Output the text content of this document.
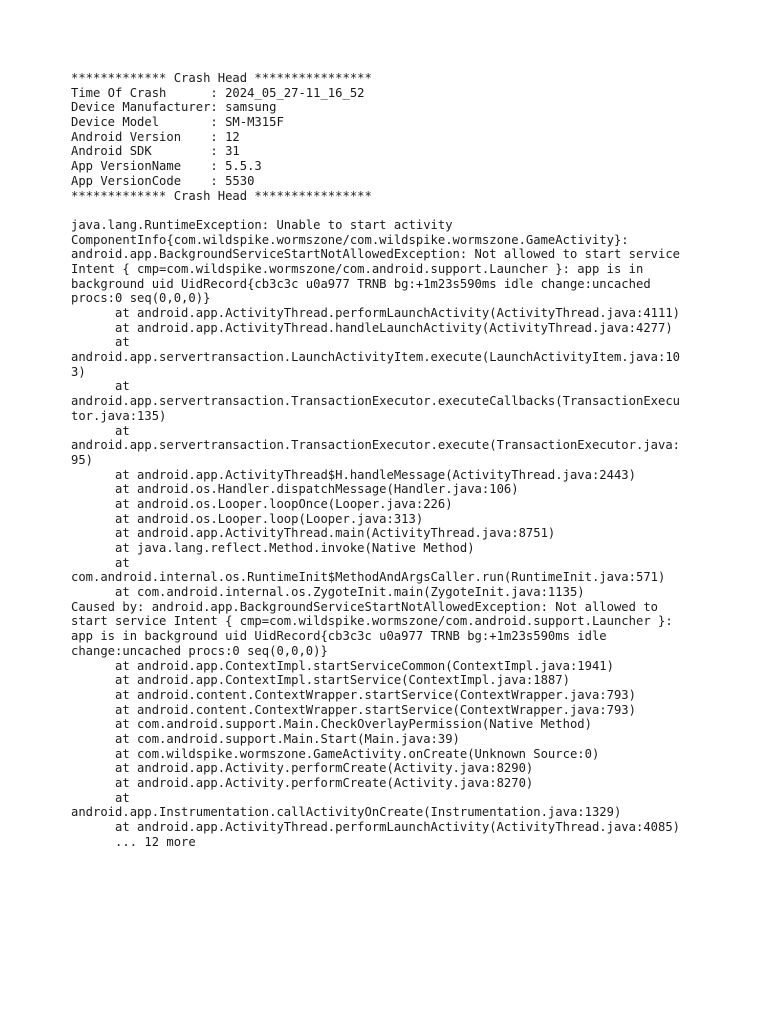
************* Crash Head ****************
Time Of Crash      : 2024_05_27-11_16_52
Device Manufacturer: samsung
Device Model       : SM-M315F
Android Version    : 12
Android SDK        : 31
App VersionName    : 5.5.3
App VersionCode    : 5530
************* Crash Head ****************
java.lang.RuntimeException: Unable to start activity
ComponentInfo{com.wildspike.wormszone/com.wildspike.wormszone.GameActivity}:
android.app.BackgroundServiceStartNotAllowedException: Not allowed to start service
Intent { cmp=com.wildspike.wormszone/com.android.support.Launcher }: app is in
background uid UidRecord{cb3c3c u0a977 TRNB bg:+1m23s590ms idle change:uncached
procs:0 seq(0,0,0)}
at android.app.ActivityThread.performLaunchActivity(ActivityThread.java:4111)
at android.app.ActivityThread.handleLaunchActivity(ActivityThread.java:4277)
at
android.app.servertransaction.LaunchActivityItem.execute(LaunchActivityItem.java:10
3)
at
android.app.servertransaction.TransactionExecutor.executeCallbacks(TransactionExecu
tor.java:135)
at
android.app.servertransaction.TransactionExecutor.execute(TransactionExecutor.java:
95)
at android.app.ActivityThread$H.handleMessage(ActivityThread.java:2443)
at android.os.Handler.dispatchMessage(Handler.java:106)
at android.os.Looper.loopOnce(Looper.java:226)
at android.os.Looper.loop(Looper.java:313)
at android.app.ActivityThread.main(ActivityThread.java:8751)
at java.lang.reflect.Method.invoke(Native Method)
at
com.android.internal.os.RuntimeInit$MethodAndArgsCaller.run(RuntimeInit.java:571)
at com.android.internal.os.ZygoteInit.main(ZygoteInit.java:1135)
Caused by: android.app.BackgroundServiceStartNotAllowedException: Not allowed to
start service Intent { cmp=com.wildspike.wormszone/com.android.support.Launcher }:
app is in background uid UidRecord{cb3c3c u0a977 TRNB bg:+1m23s590ms idle
change:uncached procs:0 seq(0,0,0)}
at android.app.ContextImpl.startServiceCommon(ContextImpl.java:1941)
at android.app.ContextImpl.startService(ContextImpl.java:1887)
at android.content.ContextWrapper.startService(ContextWrapper.java:793)
at android.content.ContextWrapper.startService(ContextWrapper.java:793)
at com.android.support.Main.CheckOverlayPermission(Native Method)
at com.android.support.Main.Start(Main.java:39)
at com.wildspike.wormszone.GameActivity.onCreate(Unknown Source:0)
at android.app.Activity.performCreate(Activity.java:8290)
at android.app.Activity.performCreate(Activity.java:8270)
at
android.app.Instrumentation.callActivityOnCreate(Instrumentation.java:1329)
at android.app.ActivityThread.performLaunchActivity(ActivityThread.java:4085)
... 12 more
